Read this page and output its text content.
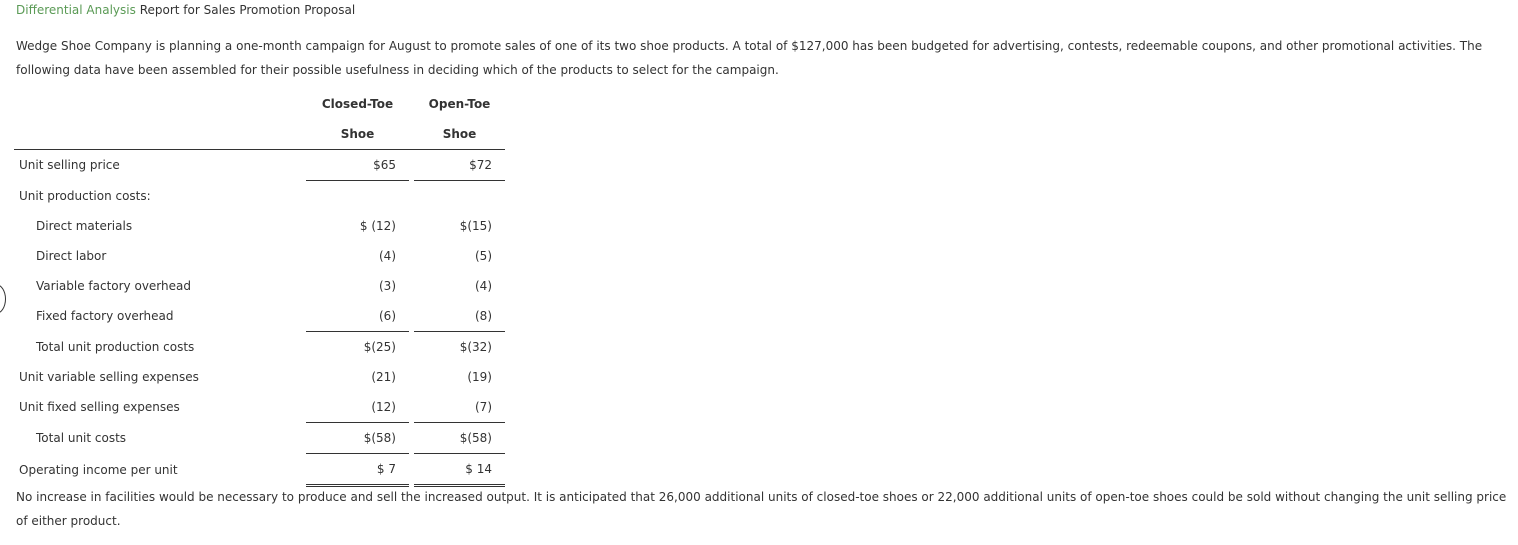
Differential Analysis Report for Sales Promotion Proposal
Wedge Shoe Company is planning a one-month campaign for August to promote sales of one of its two shoe products. A total of $127,000 has been budgeted for advertising, contests, redeemable coupons, and other promotional activities. The following data have been assembled for their possible usefulness in deciding which of the products to select for the campaign.
	Closed-Toe		Open-Toe
	Shoe		Shoe
Unit selling price	$65		$72
Unit production costs:			
Direct materials	$ (12)		$(15)
Direct labor	(4)		(5)
Variable factory overhead	(3)		(4)
Fixed factory overhead	(6)		(8)
Total unit production costs	$(25)		$(32)
Unit variable selling expenses	(21)		(19)
Unit fixed selling expenses	(12)		(7)
Total unit costs	$(58)		$(58)
Operating income per unit	$ 7		$ 14
No increase in facilities would be necessary to produce and sell the increased output. It is anticipated that 26,000 additional units of closed-toe shoes or 22,000 additional units of open-toe shoes could be sold without changing the unit selling price of either product.
